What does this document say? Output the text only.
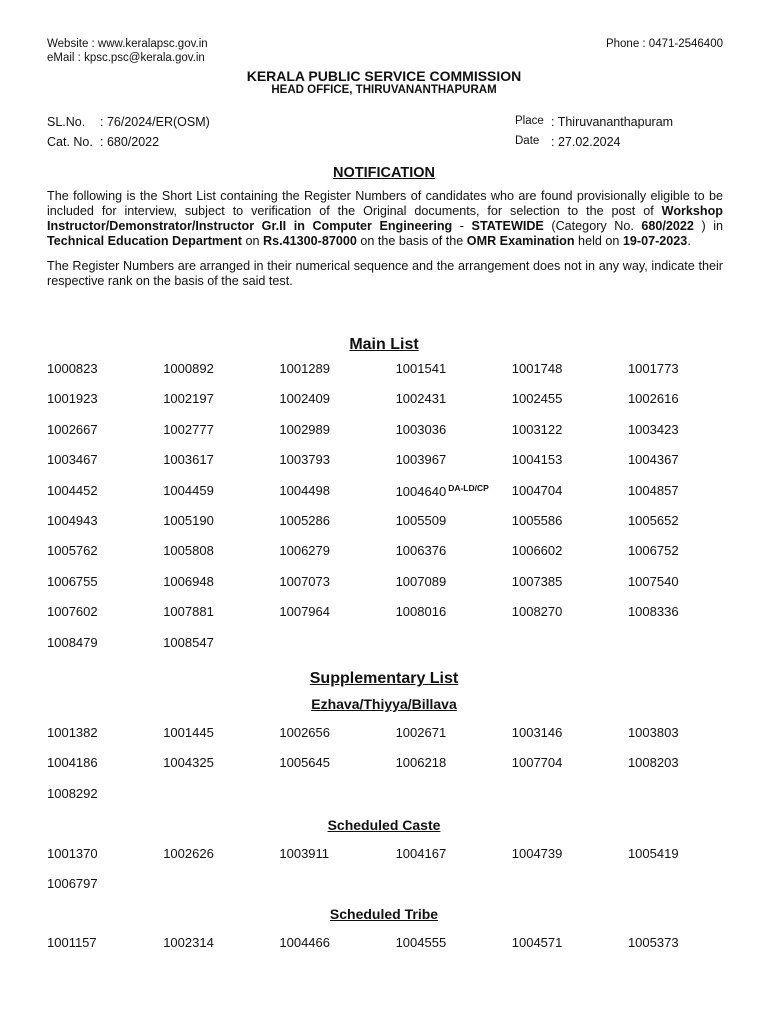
Website : www.keralapsc.gov.in
eMail : kpsc.psc@kerala.gov.in
Phone : 0471-2546400
KERALA PUBLIC SERVICE COMMISSION
HEAD OFFICE, THIRUVANANTHAPURAM
SL.No. : 76/2024/ER(OSM)
Cat. No. : 680/2022
Place : Thiruvananthapuram
Date : 27.02.2024
NOTIFICATION

The following is the Short List containing the Register Numbers of candidates who are found provisionally eligible to be included for interview, subject to verification of the Original documents, for selection to the post of Workshop Instructor/Demonstrator/Instructor Gr.II in Computer Engineering - STATEWIDE (Category No. 680/2022 ) in Technical Education Department on Rs.41300-87000 on the basis of the OMR Examination held on 19-07-2023.

The Register Numbers are arranged in their numerical sequence and the arrangement does not in any way, indicate their respective rank on the basis of the said test.

Main List
1000823	1000892	1001289	1001541	1001748	1001773
1001923	1002197	1002409	1002431	1002455	1002616
1002667	1002777	1002989	1003036	1003122	1003423
1003467	1003617	1003793	1003967	1004153	1004367
1004452	1004459	1004498	1004640 $^{DA-LD/CP}$	1004704	1004857
1004943	1005190	1005286	1005509	1005586	1005652
1005762	1005808	1006279	1006376	1006602	1006752
1006755	1006948	1007073	1007089	1007385	1007540
1007602	1007881	1007964	1008016	1008270	1008336
1008479	1008547
Supplementary List
Ezhava/Thiyya/Billava
1001382	1001445	1002656	1002671	1003146	1003803
1004186	1004325	1005645	1006218	1007704	1008203
1008292
Scheduled Caste
1001370	1002626	1003911	1004167	1004739	1005419
1006797
Scheduled Tribe
1001157	1002314	1004466	1004555	1004571	1005373
